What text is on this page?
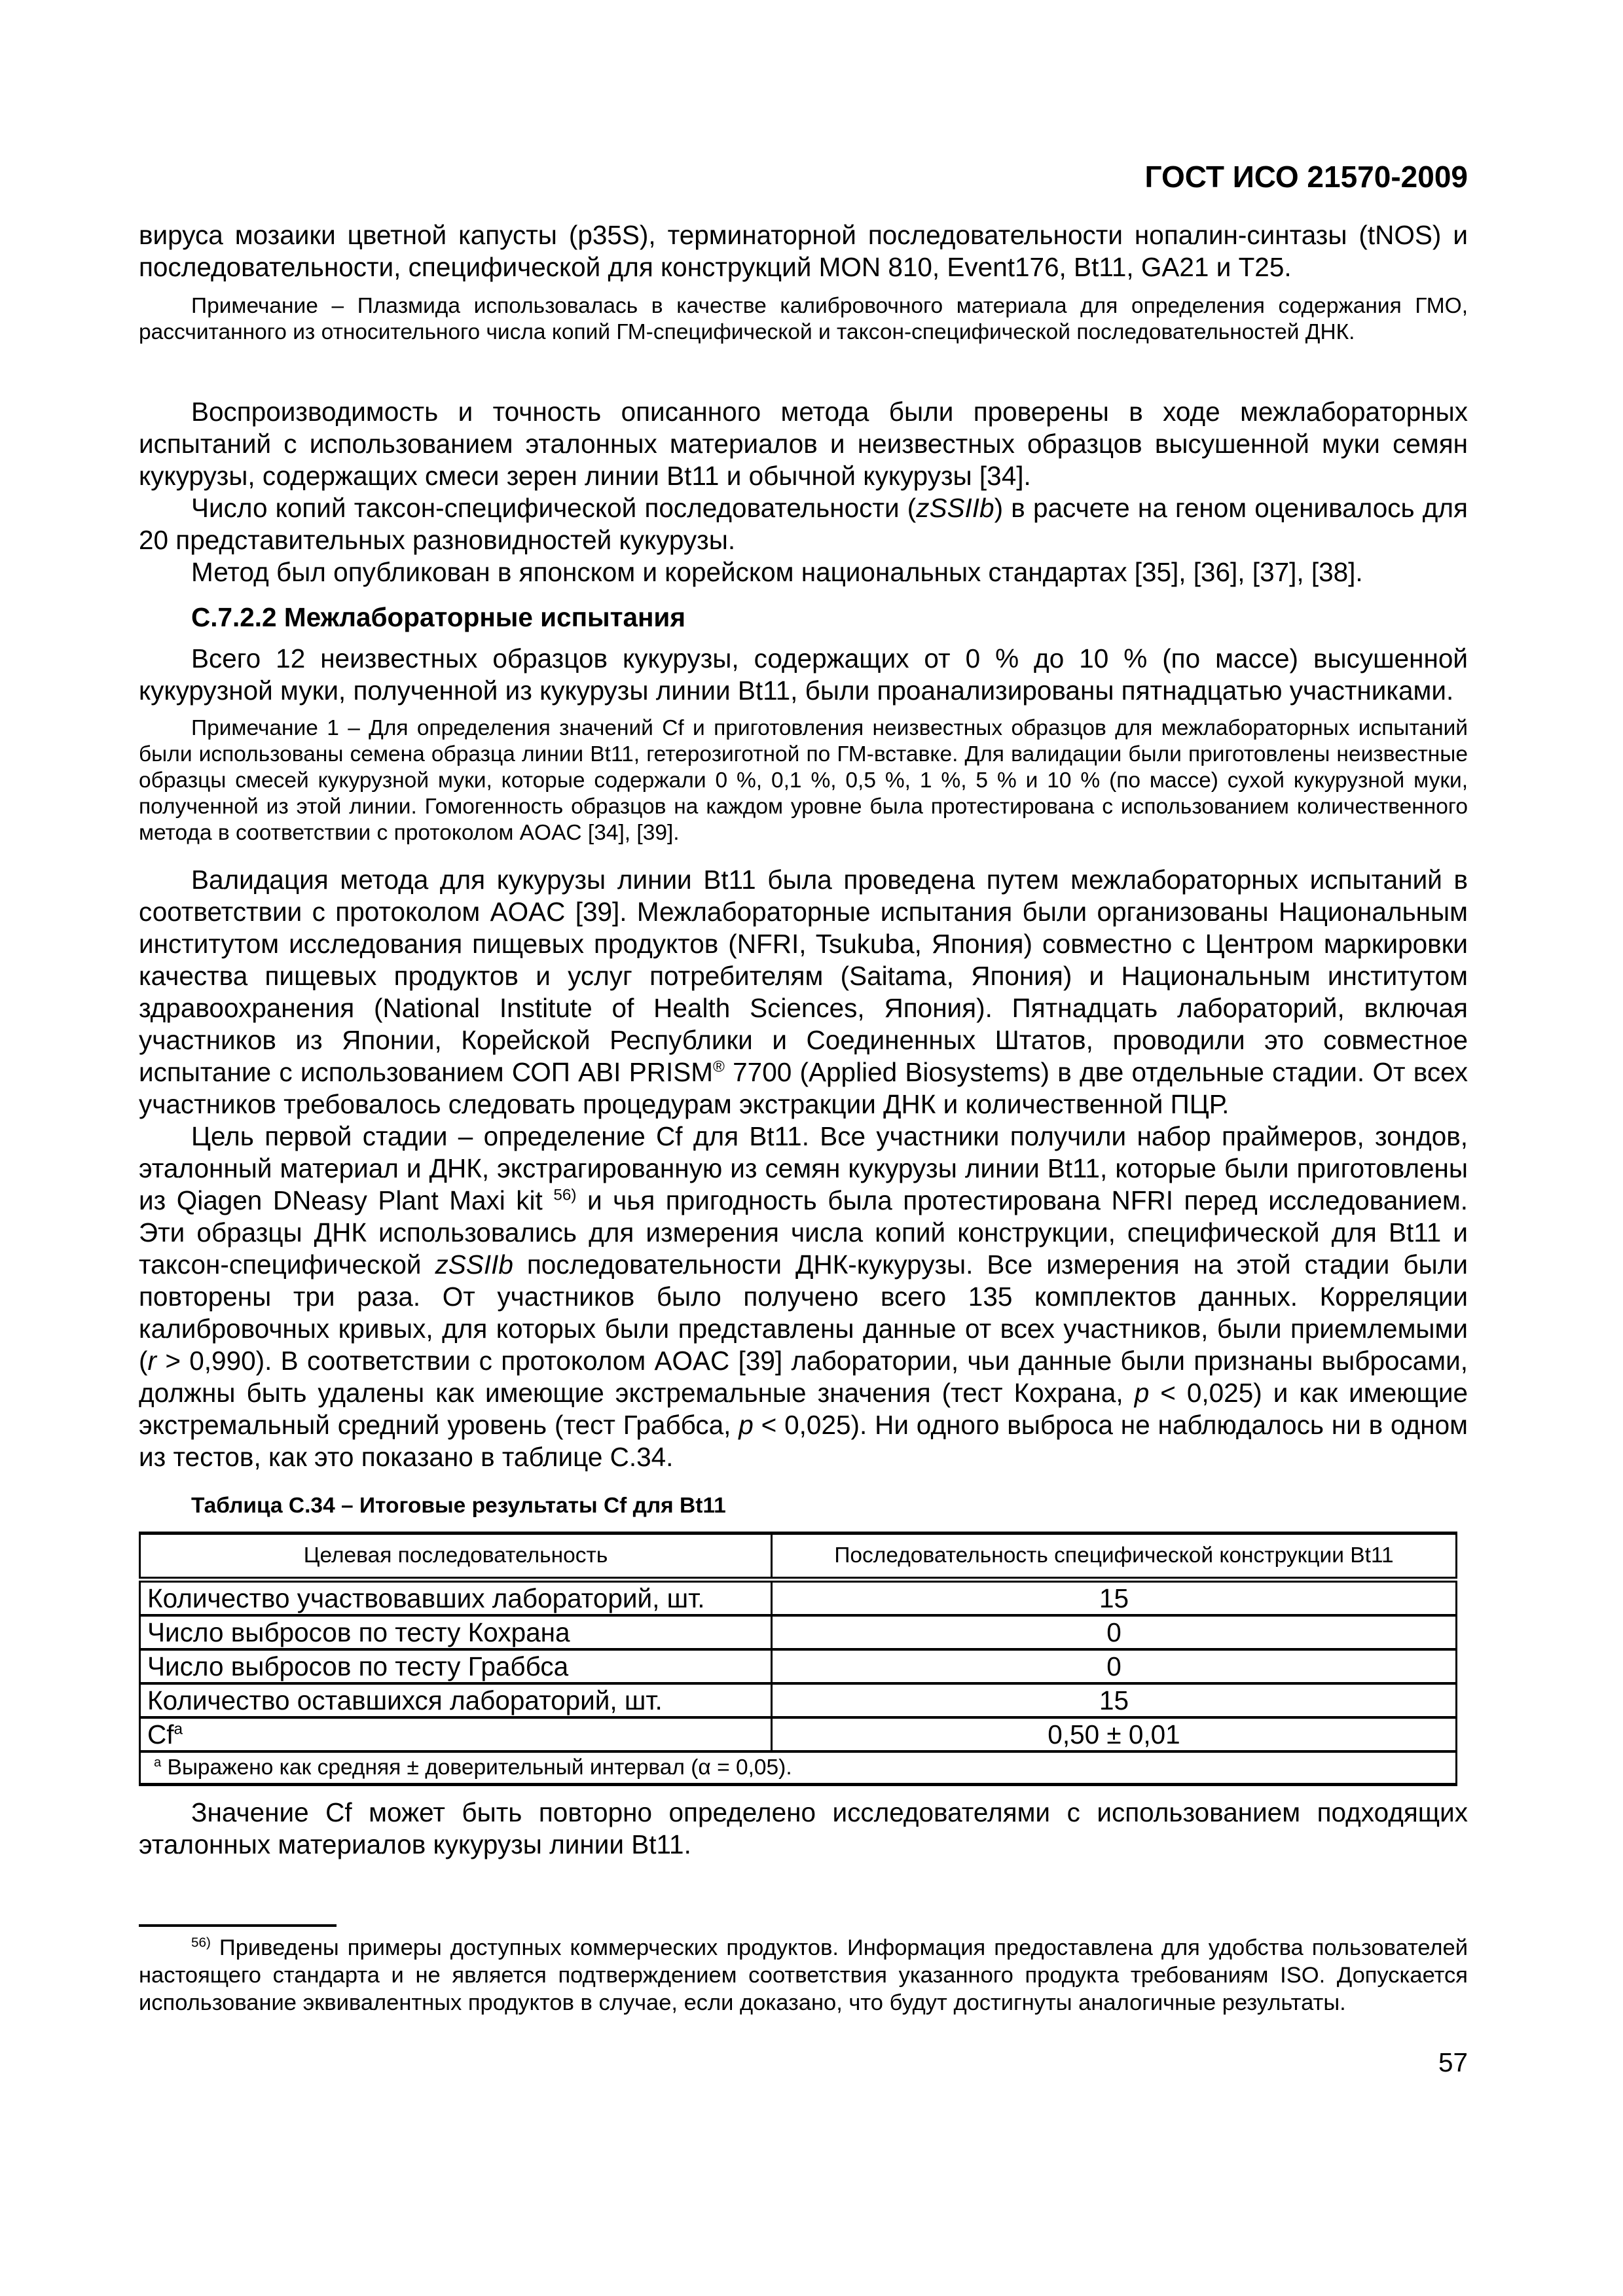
ГОСТ ИСО 21570-2009

вируса мозаики цветной капусты (p35S), терминаторной последовательности нопалин-синтазы (tNOS) и последовательности, специфической для конструкций MON 810, Event176, Bt11, GA21 и T25.

Примечание – Плазмида использовалась в качестве калибровочного материала для определения содержания ГМО, рассчитанного из относительного числа копий ГМ-специфической и таксон-специфической последовательностей ДНК.

Воспроизводимость и точность описанного метода были проверены в ходе межлабораторных испытаний с использованием эталонных материалов и неизвестных образцов высушенной муки семян кукурузы, содержащих смеси зерен линии Bt11 и обычной кукурузы [34].

Число копий таксон-специфической последовательности (zSSIIb) в расчете на геном оценивалось для 20 представительных разновидностей кукурузы.

Метод был опубликован в японском и корейском национальных стандартах [35], [36], [37], [38].

С.7.2.2 Межлабораторные испытания

Всего 12 неизвестных образцов кукурузы, содержащих от 0 % до 10 % (по массе) высушенной кукурузной муки, полученной из кукурузы линии Bt11, были проанализированы пятнадцатью участниками.

Примечание 1 – Для определения значений Cf и приготовления неизвестных образцов для межлабораторных испытаний были использованы семена образца линии Bt11, гетерозиготной по ГМ-вставке. Для валидации были приготовлены неизвестные образцы смесей кукурузной муки, которые содержали 0 %, 0,1 %, 0,5 %, 1 %, 5 % и 10 % (по массе) сухой кукурузной муки, полученной из этой линии. Гомогенность образцов на каждом уровне была протестирована с использованием количественного метода в соответствии с протоколом AOAC [34], [39].

Валидация метода для кукурузы линии Bt11 была проведена путем межлабораторных испытаний в соответствии с протоколом AOAC [39]. Межлабораторные испытания были организованы Национальным институтом исследования пищевых продуктов (NFRI, Tsukuba, Япония) совместно с Центром маркировки качества пищевых продуктов и услуг потребителям (Saitama, Япония) и Национальным институтом здравоохранения (National Institute of Health Sciences, Япония). Пятнадцать лабораторий, включая участников из Японии, Корейской Республики и Соединенных Штатов, проводили это совместное испытание с использованием СОП ABI PRISM® 7700 (Applied Biosystems) в две отдельные стадии. От всех участников требовалось следовать процедурам экстракции ДНК и количественной ПЦР.

Цель первой стадии – определение Cf для Bt11. Все участники получили набор праймеров, зондов, эталонный материал и ДНК, экстрагированную из семян кукурузы линии Bt11, которые были приготовлены из Qiagen DNeasy Plant Maxi kit $^{56)}$ и чья пригодность была протестирована NFRI перед исследованием. Эти образцы ДНК использовались для измерения числа копий конструкции, специфической для Bt11 и таксон-специфической zSSIIb последовательности ДНК-кукурузы. Все измерения на этой стадии были повторены три раза. От участников было получено всего 135 комплектов данных. Корреляции калибровочных кривых, для которых были представлены данные от всех участников, были приемлемыми (r > 0,990). В соответствии с протоколом AOAC [39] лаборатории, чьи данные были признаны выбросами, должны быть удалены как имеющие экстремальные значения (тест Кохрана, p < 0,025) и как имеющие экстремальный средний уровень (тест Граббса, p < 0,025). Ни одного выброса не наблюдалось ни в одном из тестов, как это показано в таблице С.34.

Таблица С.34 – Итоговые результаты Cf для Bt11
Целевая последовательность	Последовательность специфической конструкции Bt11
Количество участвовавших лабораторий, шт.	15
Число выбросов по тесту Кохрана	0
Число выбросов по тесту Граббса	0
Количество оставшихся лабораторий, шт.	15
Cf$^a$	0,50 ± 0,01
$^a$ Выражено как средняя ± доверительный интервал (α = 0,05).	

Значение Cf может быть повторно определено исследователями с использованием подходящих эталонных материалов кукурузы линии Bt11.

$^{56)}$ Приведены примеры доступных коммерческих продуктов. Информация предоставлена для удобства пользователей настоящего стандарта и не является подтверждением соответствия указанного продукта требованиям ISO. Допускается использование эквивалентных продуктов в случае, если доказано, что будут достигнуты аналогичные результаты.

57
